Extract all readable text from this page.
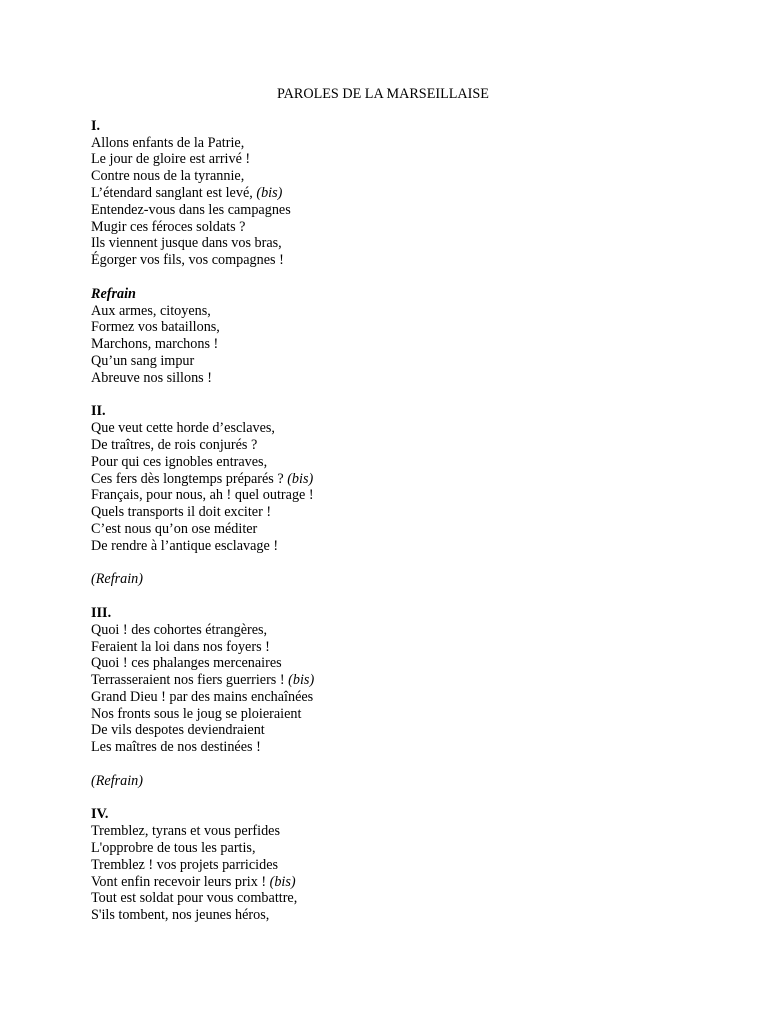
PAROLES DE LA MARSEILLAISE
I.
Allons enfants de la Patrie,
Le jour de gloire est arrivé !
Contre nous de la tyrannie,
L’étendard sanglant est levé, (bis)
Entendez-vous dans les campagnes
Mugir ces féroces soldats ?
Ils viennent jusque dans vos bras,
Égorger vos fils, vos compagnes !
Refrain
Aux armes, citoyens,
Formez vos bataillons,
Marchons, marchons !
Qu’un sang impur
Abreuve nos sillons !
II.
Que veut cette horde d’esclaves,
De traîtres, de rois conjurés ?
Pour qui ces ignobles entraves,
Ces fers dès longtemps préparés ? (bis)
Français, pour nous, ah ! quel outrage !
Quels transports il doit exciter !
C’est nous qu’on ose méditer
De rendre à l’antique esclavage !
(Refrain)
III.
Quoi ! des cohortes étrangères,
Feraient la loi dans nos foyers !
Quoi ! ces phalanges mercenaires
Terrasseraient nos fiers guerriers ! (bis)
Grand Dieu ! par des mains enchaînées
Nos fronts sous le joug se ploieraient
De vils despotes deviendraient
Les maîtres de nos destinées !
(Refrain)
IV.
Tremblez, tyrans et vous perfides
L'opprobre de tous les partis,
Tremblez ! vos projets parricides
Vont enfin recevoir leurs prix ! (bis)
Tout est soldat pour vous combattre,
S'ils tombent, nos jeunes héros,
